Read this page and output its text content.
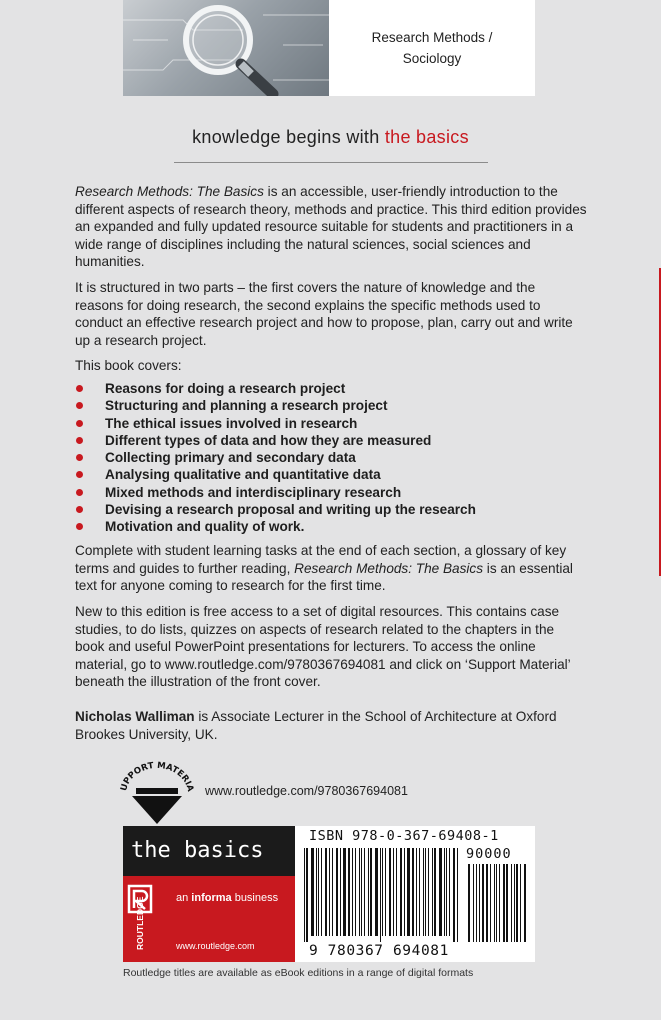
Research Methods /
Sociology
knowledge begins with the basics

Research Methods: The Basics is an accessible, user-friendly introduction to the different aspects of research theory, methods and practice. This third edition provides an expanded and fully updated resource suitable for students and practitioners in a wide range of disciplines including the natural sciences, social sciences and humanities.

It is structured in two parts – the first covers the nature of knowledge and the reasons for doing research, the second explains the specific methods used to conduct an effective research project and how to propose, plan, carry out and write up a research project.

This book covers:

Reasons for doing a research project
Structuring and planning a research project
The ethical issues involved in research
Different types of data and how they are measured
Collecting primary and secondary data
Analysing qualitative and quantitative data
Mixed methods and interdisciplinary research
Devising a research proposal and writing up the research
Motivation and quality of work.

Complete with student learning tasks at the end of each section, a glossary of key terms and guides to further reading, Research Methods: The Basics is an essential text for anyone coming to research for the first time.

New to this edition is free access to a set of digital resources. This contains case studies, to do lists, quizzes on aspects of research related to the chapters in the book and useful PowerPoint presentations for lecturers. To access the online material, go to www.routledge.com/9780367694081 and click on ‘Support Material’ beneath the illustration of the front cover.

Nicholas Walliman is Associate Lecturer in the School of Architecture at Oxford Brookes University, UK.

UPPORT MATERIA www.routledge.com/9780367694081
the basics
ROUTLEDGE	an informa business
www.routledge.com
ISBN 978-0-367-69408-1
90000
9 780367 694081
Routledge titles are available as eBook editions in a range of digital formats
